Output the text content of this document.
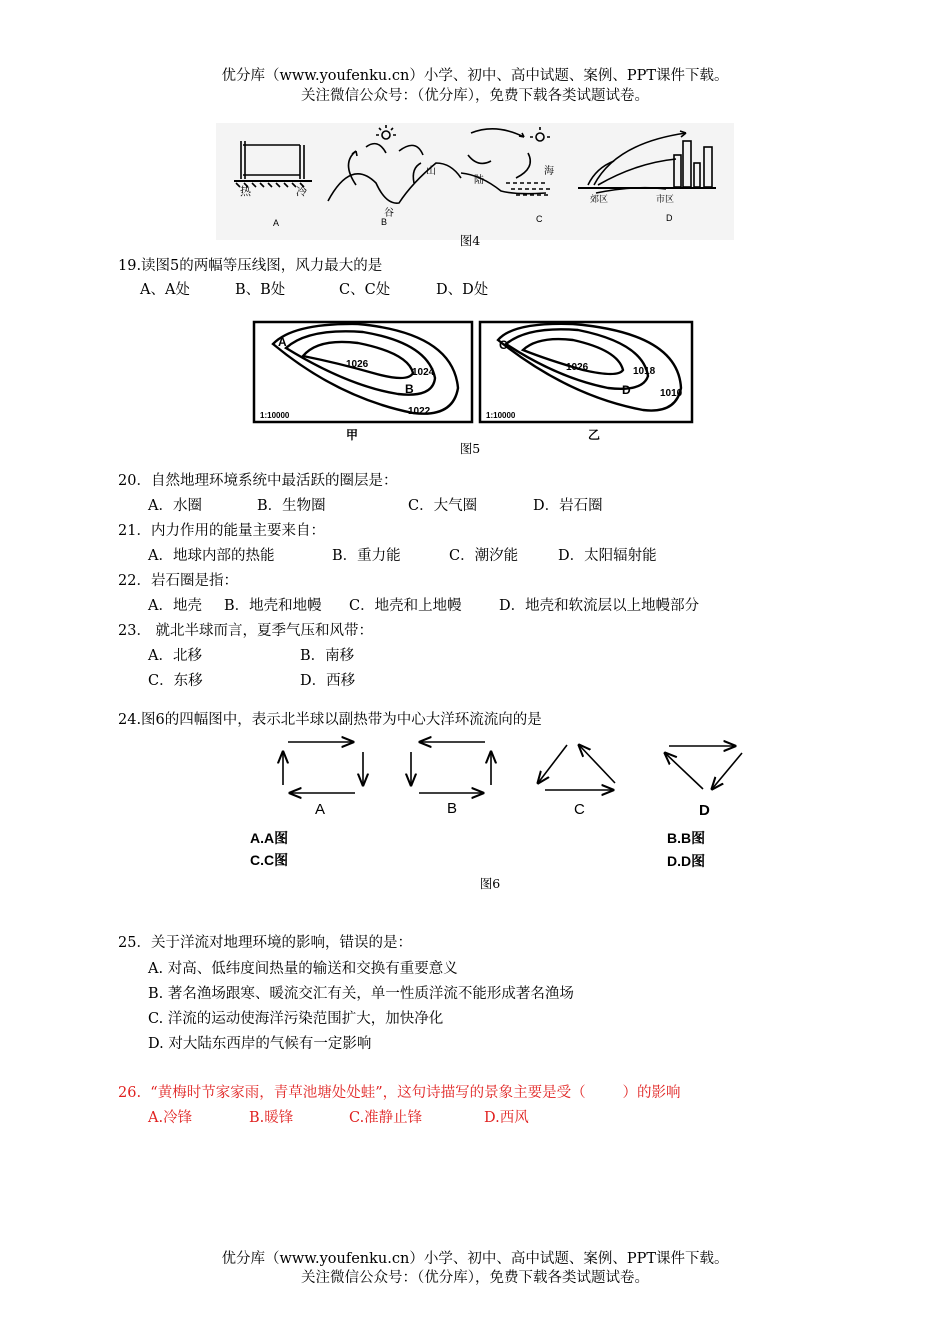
优分库（www.youfenku.cn）小学、初中、高中试题、案例、PPT课件下载。
关注微信公众号：（优分库），免费下载各类试题试卷。
热	冷
A
山
谷
B
海
陆
C
郊区	市区
D
图4
19.读图5的两幅等压线图，风力最大的是
A、A处	B、B处	C、C处	D、D处
A
1026
1024
B
1022
1:10000
甲
C
1026	1018
D	1010
1:10000
乙
图5
20．自然地理环境系统中最活跃的圈层是：
A．水圈	B．生物圈	C．大气圈	D．岩石圈
21．内力作用的能量主要来自：
A．地球内部的热能	B．重力能	C．潮汐能	D．太阳辐射能
22．岩石圈是指：
A．地壳 B．地壳和地幔 C．地壳和上地幔	D．地壳和软流层以上地幔部分
23． 就北半球而言，夏季气压和风带：
A．北移	B．南移
C．东移	D．西移
24.图6的四幅图中，表示北半球以副热带为中心大洋环流流向的是
A	B	C	D
A.A图
C.C图
B.B图
D.D图
图6
25．关于洋流对地理环境的影响，错误的是：
A. 对高、低纬度间热量的输送和交换有重要意义
B. 著名渔场跟寒、暖流交汇有关，单一性质洋流不能形成著名渔场
C. 洋流的运动使海洋污染范围扩大，加快净化
D. 对大陆东西岸的气候有一定影响
26.  “黄梅时节家家雨，青草池塘处处蛙”，这句诗描写的景象主要是受（        ）的影响
A.冷锋	B.暖锋	C.准静止锋	D.西风
优分库（www.youfenku.cn）小学、初中、高中试题、案例、PPT课件下载。
关注微信公众号：（优分库），免费下载各类试题试卷。
